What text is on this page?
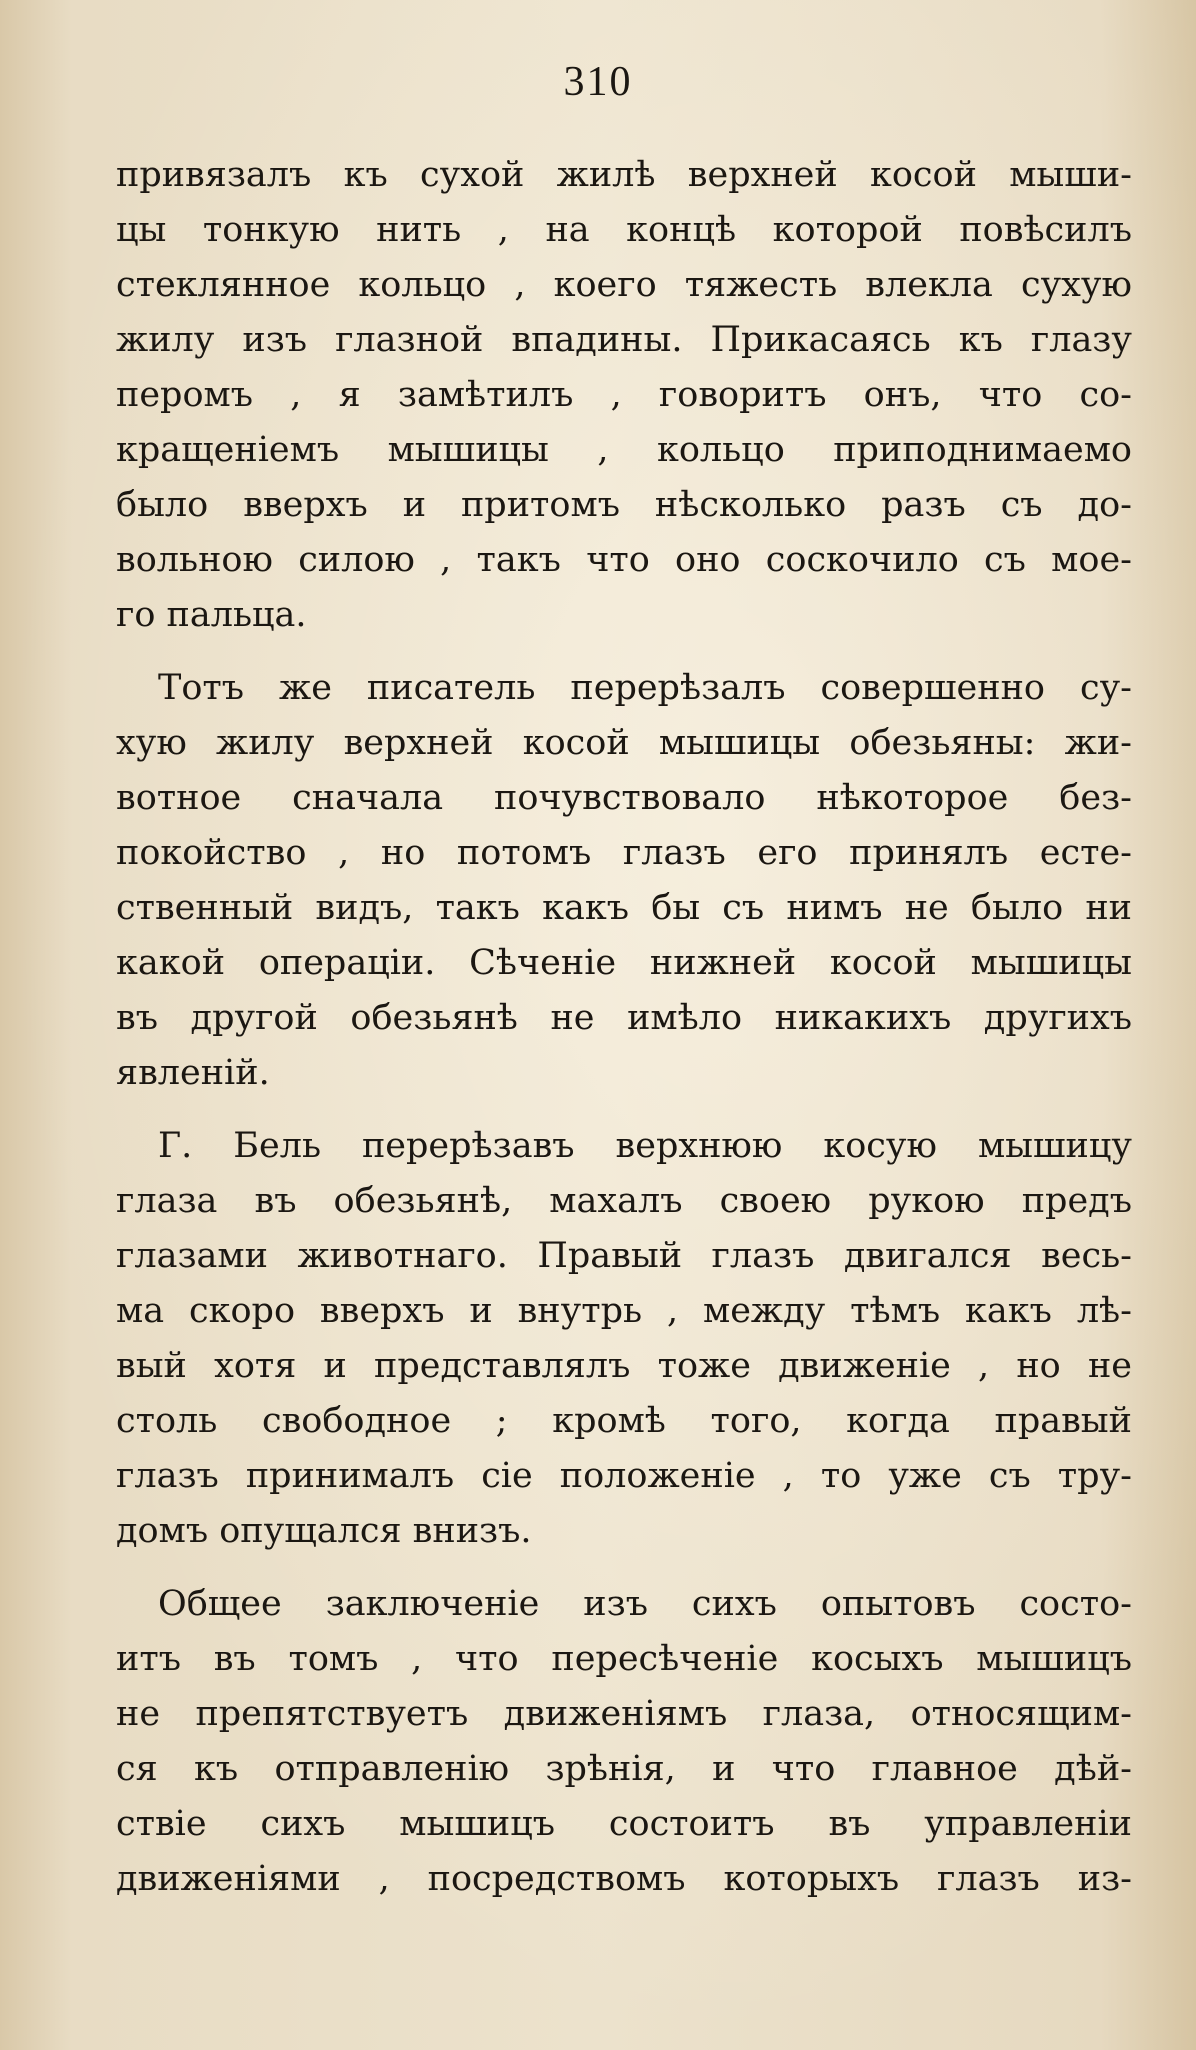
310
привязалъ къ сухой жилѣ верхней косой мыши-
цы тонкую нить , на концѣ которой повѣсилъ
стеклянное кольцо , коего тяжесть влекла сухую
жилу изъ глазной впадины. Прикасаясь къ глазу
перомъ , я замѣтилъ , говоритъ онъ, что со-
кращенiемъ мышицы , кольцо приподнимаемо
было вверхъ и притомъ нѣсколько разъ съ до-
вольною силою , такъ что оно соскочило съ мое-
го пальца.
Тотъ же писатель перерѣзалъ совершенно су-
хую жилу верхней косой мышицы обезьяны: жи-
вотное сначала почувствовало нѣкоторое без-
покойство , но потомъ глазъ его принялъ есте-
ственный видъ, такъ какъ бы съ нимъ не было ни
какой операцiи. Сѣченiе нижней косой мышицы
въ другой обезьянѣ не имѣло никакихъ другихъ
явленiй.
Г. Бель перерѣзавъ верхнюю косую мышицу
глаза въ обезьянѣ, махалъ своею рукою предъ
глазами животнаго. Правый глазъ двигался весь-
ма скоро вверхъ и внутрь , между тѣмъ какъ лѣ-
вый хотя и представлялъ тоже движенiе , но не
столь свободное ; кромѣ того, когда правый
глазъ принималъ сiе положенiе , то уже съ тру-
домъ опущался внизъ.
Общее заключенiе изъ сихъ опытовъ состо-
итъ въ томъ , что пересѣченiе косыхъ мышицъ
не препятствуетъ движенiямъ глаза, относящим-
ся къ отправленiю зрѣнiя, и что главное дѣй-
ствiе сихъ мышицъ состоитъ въ управленiи
движенiями , посредствомъ которыхъ глазъ из-
